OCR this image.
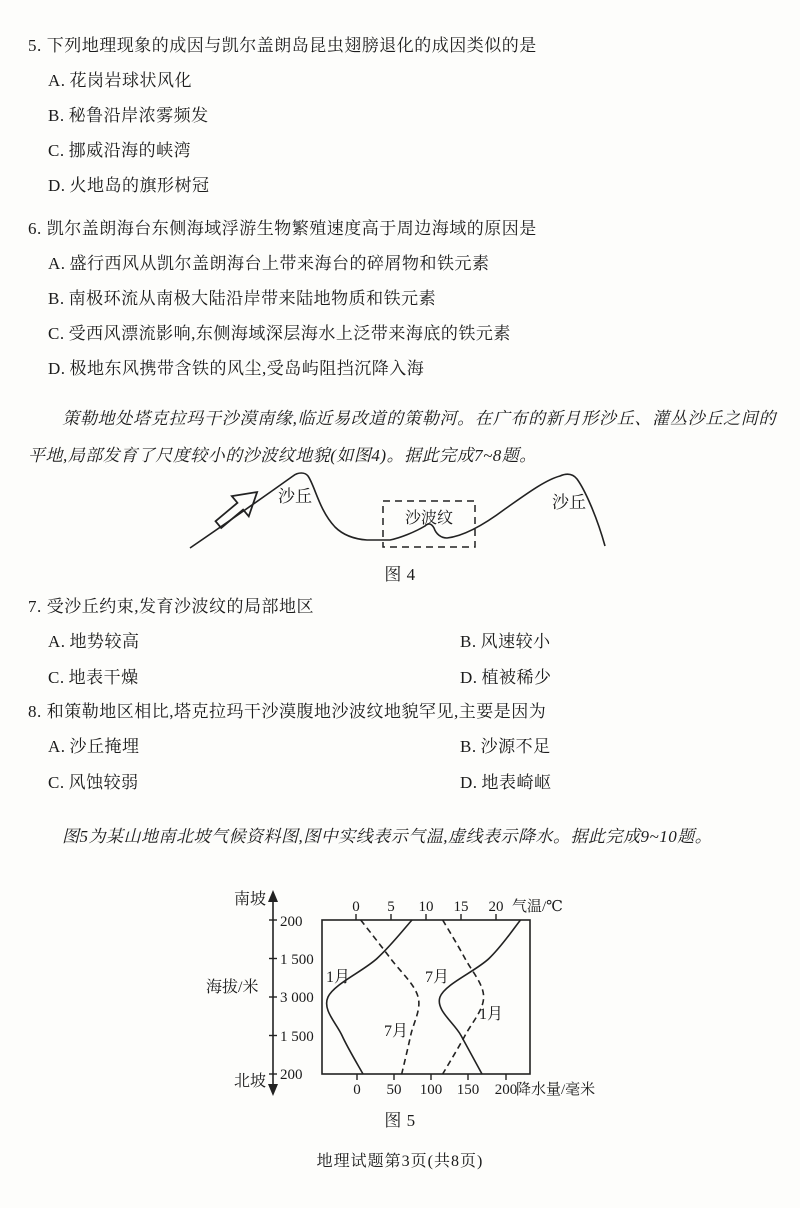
5. 下列地理现象的成因与凯尔盖朗岛昆虫翅膀退化的成因类似的是
A. 花岗岩球状风化
B. 秘鲁沿岸浓雾频发
C. 挪威沿海的峡湾
D. 火地岛的旗形树冠
6. 凯尔盖朗海台东侧海域浮游生物繁殖速度高于周边海域的原因是
A. 盛行西风从凯尔盖朗海台上带来海台的碎屑物和铁元素
B. 南极环流从南极大陆沿岸带来陆地物质和铁元素
C. 受西风漂流影响,东侧海域深层海水上泛带来海底的铁元素
D. 极地东风携带含铁的风尘,受岛屿阻挡沉降入海
策勒地处塔克拉玛干沙漠南缘,临近易改道的策勒河。在广布的新月形沙丘、灌丛沙丘之间的平地,局部发育了尺度较小的沙波纹地貌(如图4)。据此完成7~8题。
沙丘	沙丘
沙波纹
图 4
7. 受沙丘约束,发育沙波纹的局部地区
A. 地势较高	B. 风速较小
C. 地表干燥	D. 植被稀少
8. 和策勒地区相比,塔克拉玛干沙漠腹地沙波纹地貌罕见,主要是因为
A. 沙丘掩埋	B. 沙源不足
C. 风蚀较弱	D. 地表崎岖
图5为某山地南北坡气候资料图,图中实线表示气温,虚线表示降水。据此完成9~10题。
南坡
北坡
海拔/米
200
1 500
3 000
1 500
200
0 5 10 15 20 气温/℃
0 50 100 150 200
降水量/毫米
1月	7月
7月
1月
图 5
地理试题第3页(共8页)
